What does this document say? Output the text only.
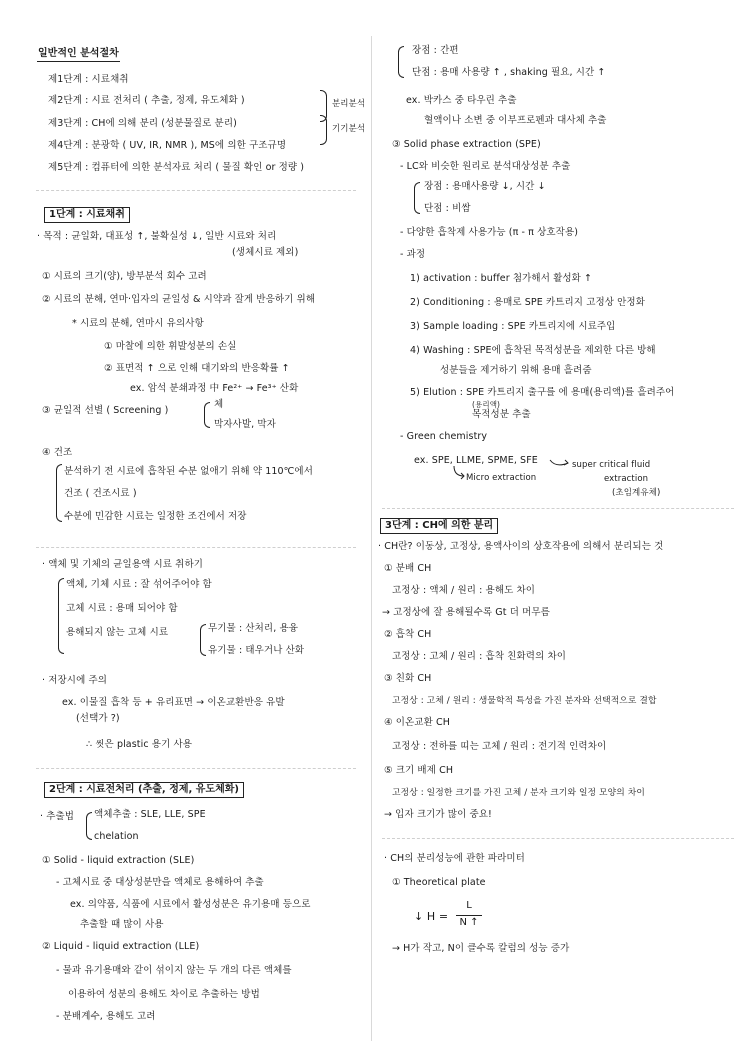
일반적인 분석절차
제1단계 : 시료채취
제2단계 : 시료 전처리 ( 추출, 정제, 유도체화 )
제3단계 : CH에 의해 분리 (성분물질로 분리)
제4단계 : 분광학 ( UV, IR, NMR ), MS에 의한 구조규명
제5단계 : 컴퓨터에 의한 분석자료 처리 ( 물질 확인 or 정량 )
분리분석
기기분석
1단계 : 시료채취
· 목적 : 균일화, 대표성 ↑, 불확실성 ↓, 일반 시료와 처리
(생체시료 제외)
① 시료의 크기(양), 방부분석 회수 고려
② 시료의 분해, 연마·입자의 균일성 & 시약과 잘게 반응하기 위해
* 시료의 분해, 연마시 유의사항
① 마찰에 의한 휘발성분의 손실
② 표면적 ↑ 으로 인해 대기와의 반응확률 ↑
ex. 암석 분쇄과정 中 Fe²⁺ → Fe³⁺ 산화
③ 균일적 선별 ( Screening )
체
막자사발, 막자
④ 건조
분석하기 전 시료에 흡착된 수분 없애기 위해 약 110℃에서
건조 ( 건조시료 )
수분에 민감한 시료는 일정한 조건에서 저장
· 액체 및 기체의 균일용액 시료 취하기
액체, 기체 시료 : 잘 섞어주어야 함
고체 시료 : 용매 되어야 함
용해되지 않는 고체 시료	무기물 : 산처리, 용융
유기물 : 태우거나 산화
· 저장시에 주의
ex. 이물질 흡착 등 + 유리표면 → 이온교환반응 유발
(선택가 ?)
∴ 씻은 plastic 용기 사용
2단계 : 시료전처리 (추출, 정제, 유도체화)
· 추출법 액체추출 : SLE, LLE, SPE
chelation
① Solid - liquid extraction (SLE)
- 고체시료 중 대상성분만을 액체로 용해하여 추출
ex. 의약품, 식품에 시료에서 활성성분은 유기용매 등으로
추출할 때 많이 사용
② Liquid - liquid extraction (LLE)
- 물과 유기용매와 같이 섞이지 않는 두 개의 다른 액체를
이용하여 성분의 용해도 차이로 추출하는 방법
- 분배계수, 용해도 고려
장점 : 간편
단점 : 용매 사용량 ↑ , shaking 필요, 시간 ↑
ex. 박카스 중 타우린 추출
혈액이나 소변 중 이부프로펜과 대사체 추출
③ Solid phase extraction (SPE)
- LC와 비슷한 원리로 분석대상성분 추출
장점 : 용매사용량 ↓, 시간 ↓
단점 : 비쌈
- 다양한 흡착제 사용가능 (π - π 상호작용)
- 과정
1) activation : buffer 첨가해서 활성화 ↑
2) Conditioning : 용매로 SPE 카트리지 고정상 안정화
3) Sample loading : SPE 카트리지에 시료주입
4) Washing : SPE에 흡착된 목적성분을 제외한 다른 방해
성분들을 제거하기 위해 용매 흘려줌
5) Elution : SPE 카트리지 출구를 에 용매(용리액)를 흘려주어
(용리액)
목적성분 추출
- Green chemistry
ex. SPE, LLME, SPME, SFE
Micro extraction
super critical fluid
extraction
(초임계유체)
3단계 : CH에 의한 분리
· CH란? 이동상, 고정상, 용액사이의 상호작용에 의해서 분리되는 것
① 분배 CH
고정상 : 액체 / 원리 : 용해도 차이
→ 고정상에 잘 용해될수록 Gt 더 머무름
② 흡착 CH
고정상 : 고체 / 원리 : 흡착 친화력의 차이
③ 친화 CH
고정상 : 고체 / 원리 : 생물학적 특성을 가진 분자와 선택적으로 결합
④ 이온교환 CH
고정상 : 전하를 띠는 고체 / 원리 : 전기적 인력차이
⑤ 크기 배제 CH
고정상 : 일정한 크기를 가진 고체 / 분자 크기와 일정 모양의 차이
→ 입자 크기가 많이 중요!
· CH의 분리성능에 관한 파라미터
① Theoretical plate
↓ H =
L
N ↑
→ H가 작고, N이 클수록 칼럼의 성능 증가
